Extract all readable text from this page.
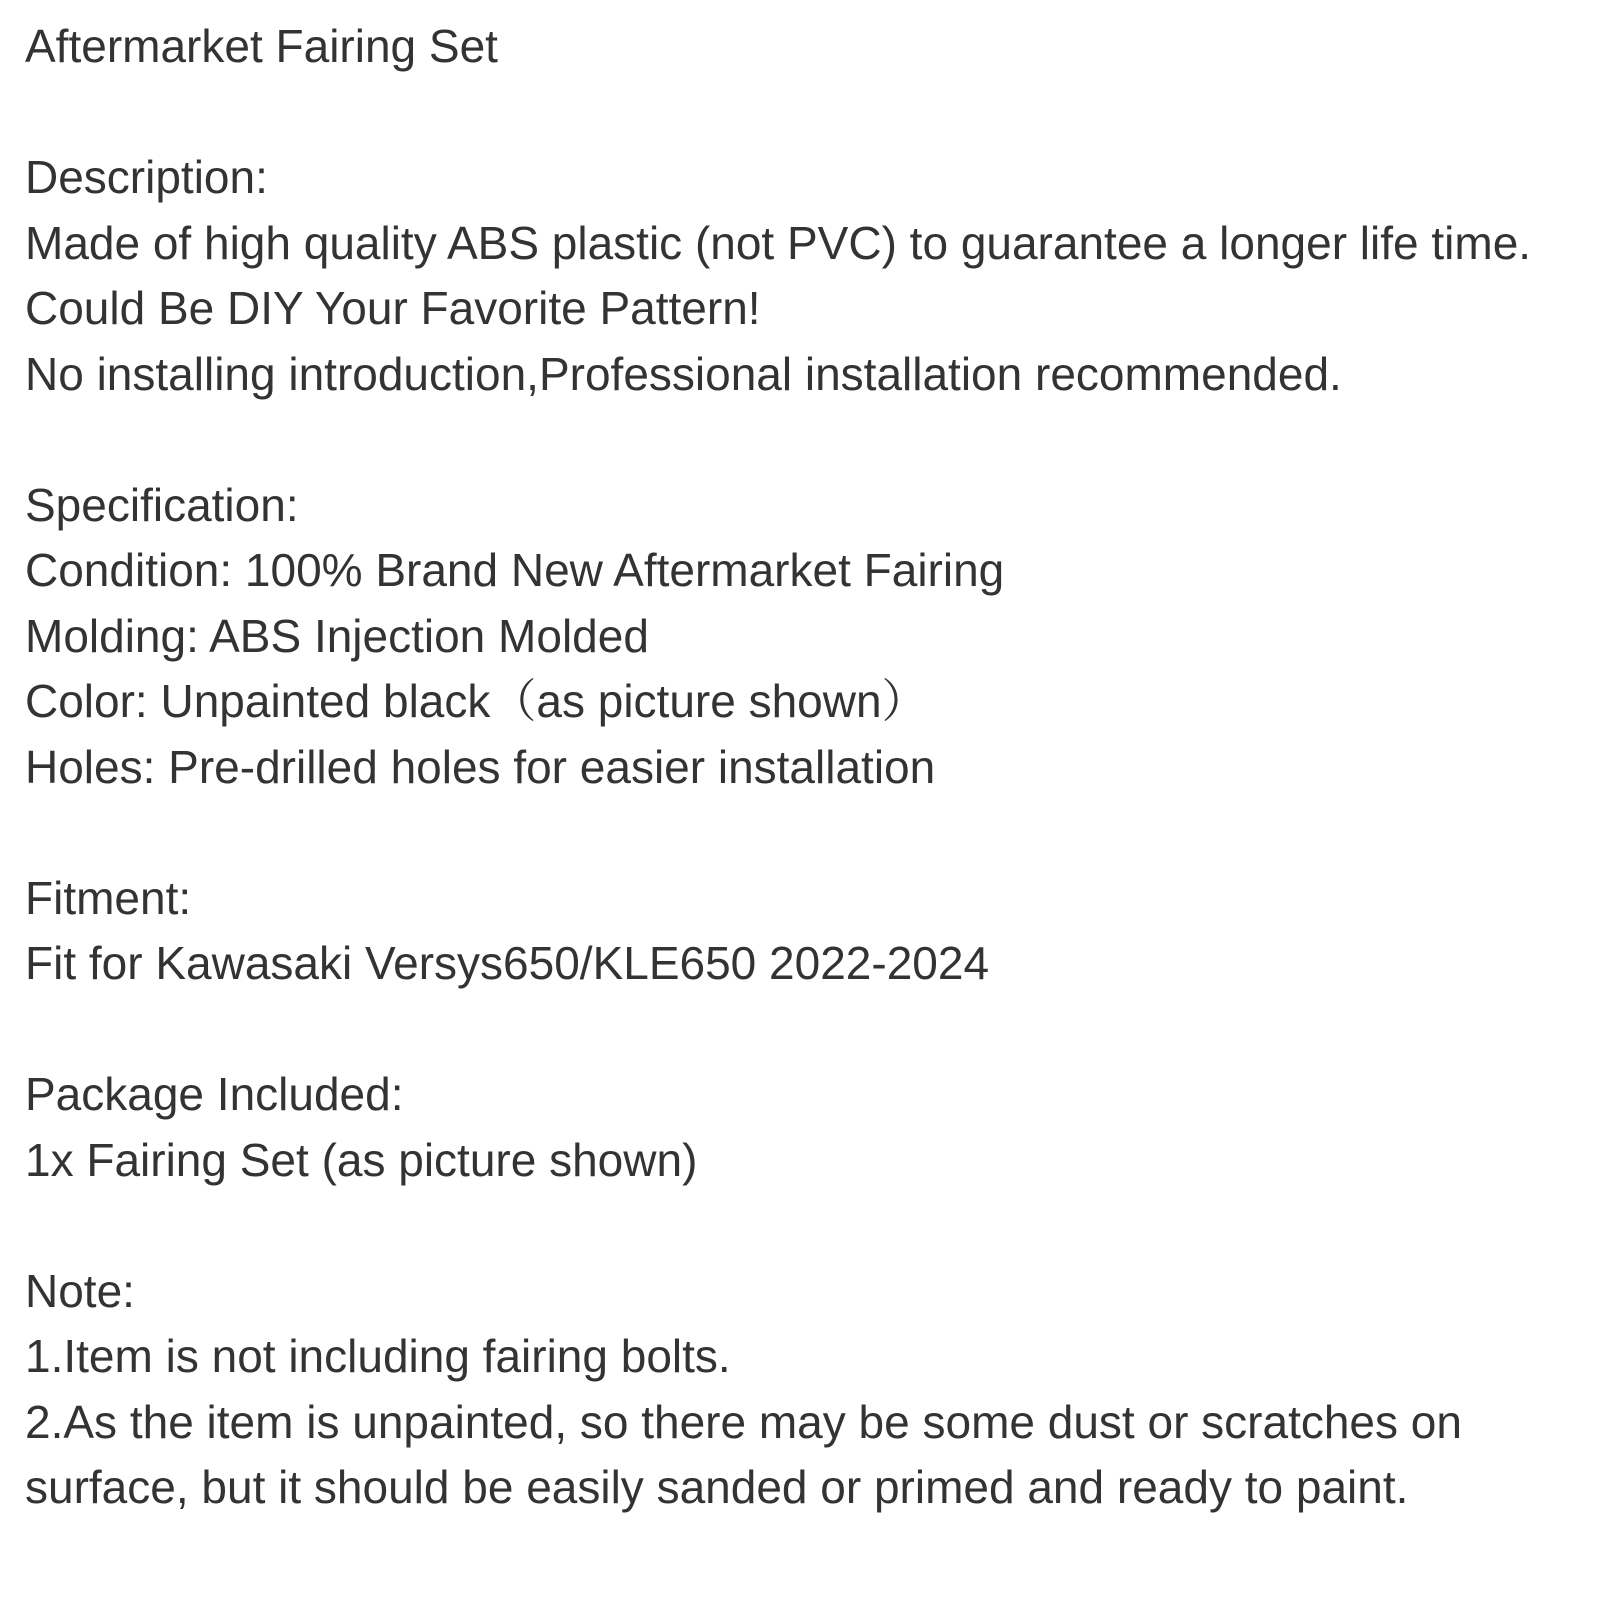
Aftermarket Fairing Set
Description:
Made of high quality ABS plastic (not PVC) to guarantee a longer life time.
Could Be DIY Your Favorite Pattern!
No installing introduction,Professional installation recommended.
Specification:
Condition: 100% Brand New Aftermarket Fairing
Molding: ABS Injection Molded
Color: Unpainted black（as picture shown）
Holes: Pre-drilled holes for easier installation
Fitment:
Fit for Kawasaki Versys650/KLE650 2022-2024
Package Included:
1x Fairing Set (as picture shown)
Note:
1.Item is not including fairing bolts.
2.As the item is unpainted, so there may be some dust or scratches on surface, but it should be easily sanded or primed and ready to paint.
